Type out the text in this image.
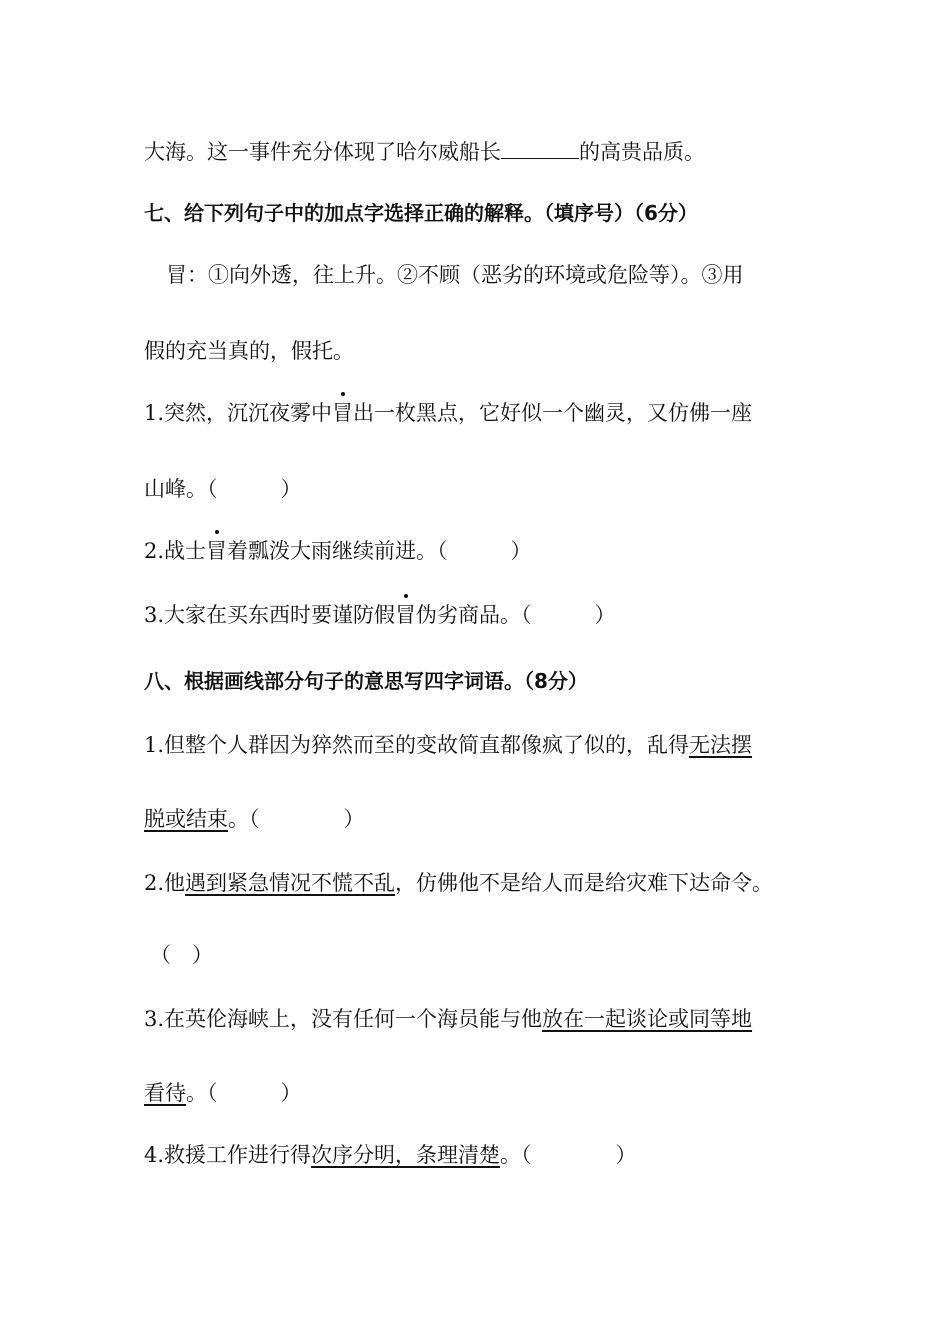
大海。这一事件充分体现了哈尔威船长	的高贵品质。
七、给下列句子中的加点字选择正确的解释。（填序号）（6分）
冒：①向外透，往上升。②不顾（恶劣的环境或危险等）。③用
假的充当真的，假托。
1.突然，沉沉夜雾中冒出一枚黑点，它好似一个幽灵，又仿佛一座
山峰。（　　　）
2.战士冒着瓢泼大雨继续前进。（　　　）
3.大家在买东西时要谨防假冒伪劣商品。（　　　）
八、根据画线部分句子的意思写四字词语。（8分）
1.但整个人群因为猝然而至的变故简直都像疯了似的，乱得无法摆
脱或结束。（　　　　）
2.他遇到紧急情况不慌不乱，仿佛他不是给人而是给灾难下达命令。
（　）
3.在英伦海峡上，没有任何一个海员能与他放在一起谈论或同等地
看待。（　　　）
4.救援工作进行得次序分明，条理清楚。（　　　　）
